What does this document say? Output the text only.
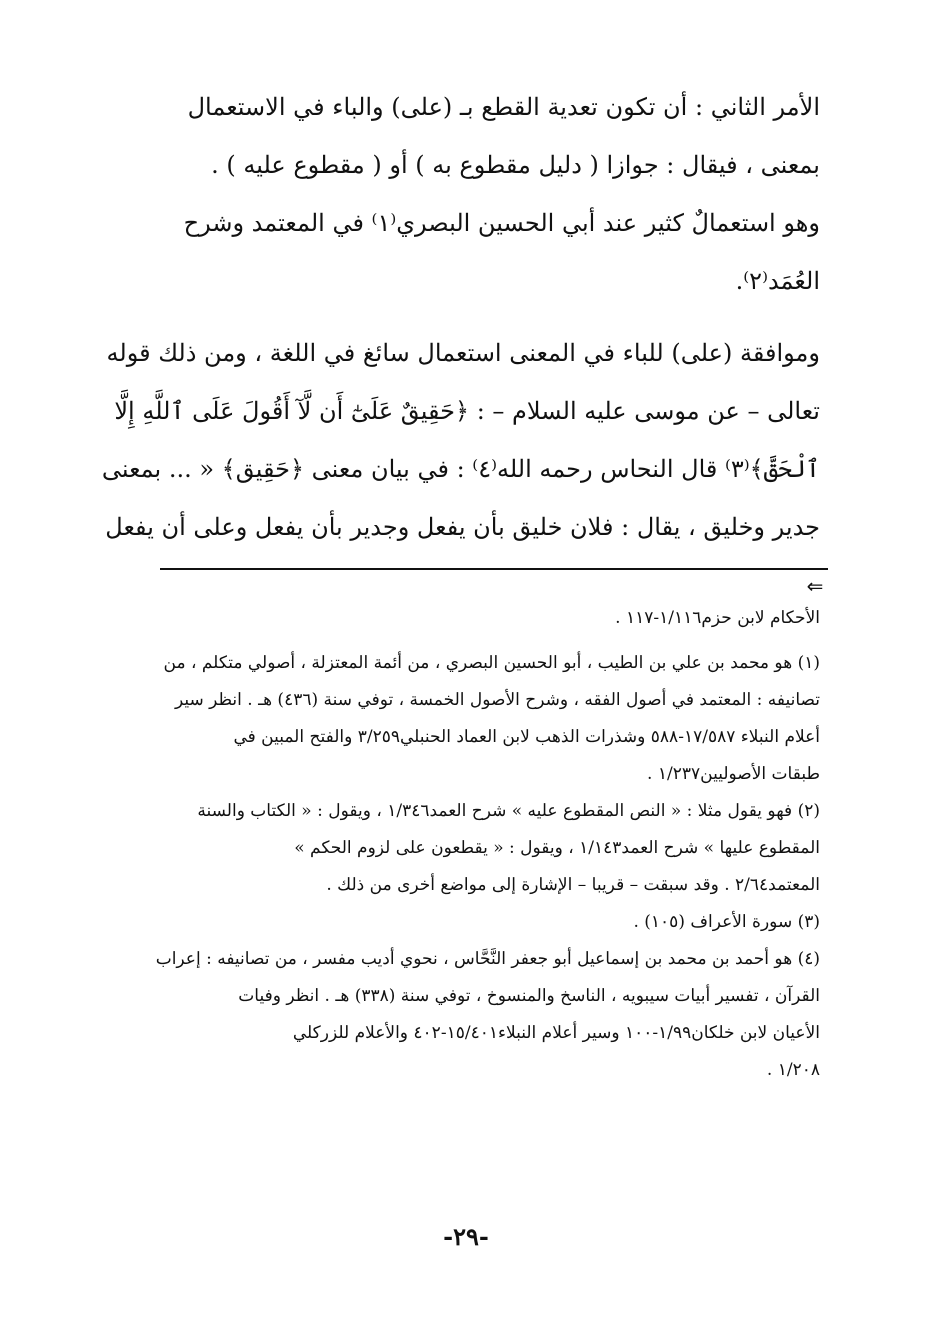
الأمر الثاني : أن تكون تعدية القطع بـ (على) والباء في الاستعمال
بمعنى ، فيقال : جوازا ( دليل مقطوع به ) أو ( مقطوع عليه ) .
وهو استعمالٌ كثير عند أبي الحسين البصري⁽١⁾ في المعتمد وشرح
العُمَد⁽٢⁾.
وموافقة (على) للباء في المعنى استعمال سائغ في اللغة ، ومن ذلك قوله
تعالى – عن موسى عليه السلام – : ﴿حَقِيقٌ عَلَىٰٓ أَن لَّآ أَقُولَ عَلَى ٱللَّهِ إِلَّا
ٱلْحَقَّ﴾⁽٣⁾ قال النحاس رحمه الله⁽٤⁾ : في بيان معنى ﴿حَقِيق﴾ « ... بمعنى
جدير وخليق ، يقال : فلان خليق بأن يفعل وجدير بأن يفعل وعلى أن يفعل
⇐
الأحكام لابن حزم١/١١٦-١١٧ .
(١) هو محمد بن علي بن الطيب ، أبو الحسين البصري ، من أئمة المعتزلة ، أصولي متكلم ، من
تصانيفه : المعتمد في أصول الفقه ، وشرح الأصول الخمسة ، توفي سنة (٤٣٦) هـ . انظر سير
أعلام النبلاء ١٧/٥٨٧-٥٨٨ وشذرات الذهب لابن العماد الحنبلي٣/٢٥٩ والفتح المبين في
طبقات الأصوليين١/٢٣٧ .
(٢) فهو يقول مثلا : « النص المقطوع عليه » شرح العمد١/٣٤٦ ، ويقول : « الكتاب والسنة
المقطوع عليها » شرح العمد١/١٤٣ ، ويقول : « يقطعون على لزوم الحكم »
المعتمد٢/٦٤ . وقد سبقت – قريبا – الإشارة إلى مواضع أخرى من ذلك .
(٣) سورة الأعراف (١٠٥) .
(٤) هو أحمد بن محمد بن إسماعيل أبو جعفر النَّحَّاس ، نحوي أديب مفسر ، من تصانيفه : إعراب
القرآن ، تفسير أبيات سيبويه ، الناسخ والمنسوخ ، توفي سنة (٣٣٨) هـ . انظر وفيات
الأعيان لابن خلكان١/٩٩-١٠٠ وسير أعلام النبلاء١٥/٤٠١-٤٠٢ والأعلام للزركلي
١/٢٠٨ .
-٢٩-
